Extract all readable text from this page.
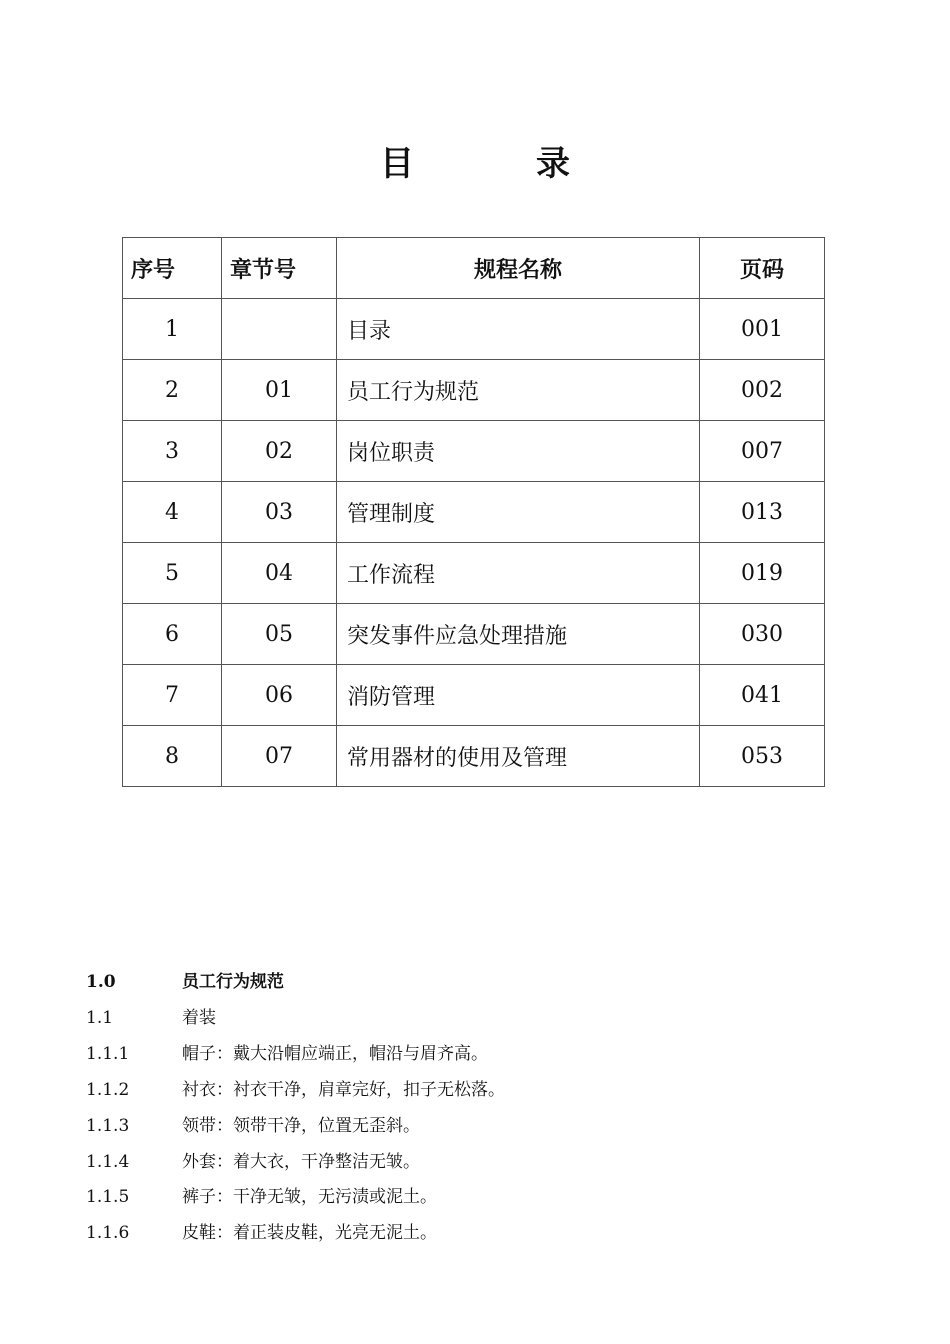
目　录
序号	章节号	规程名称	页码
1		目录	001
2	01	员工行为规范	002
3	02	岗位职责	007
4	03	管理制度	013
5	04	工作流程	019
6	05	突发事件应急处理措施	030
7	06	消防管理	041
8	07	常用器材的使用及管理	053
1.0	员工行为规范
1.1	着装
1.1.1	帽子：戴大沿帽应端正，帽沿与眉齐高。
1.1.2	衬衣：衬衣干净，肩章完好，扣子无松落。
1.1.3	领带：领带干净，位置无歪斜。
1.1.4	外套：着大衣，干净整洁无皱。
1.1.5	裤子：干净无皱，无污渍或泥土。
1.1.6	皮鞋：着正装皮鞋，光亮无泥土。
